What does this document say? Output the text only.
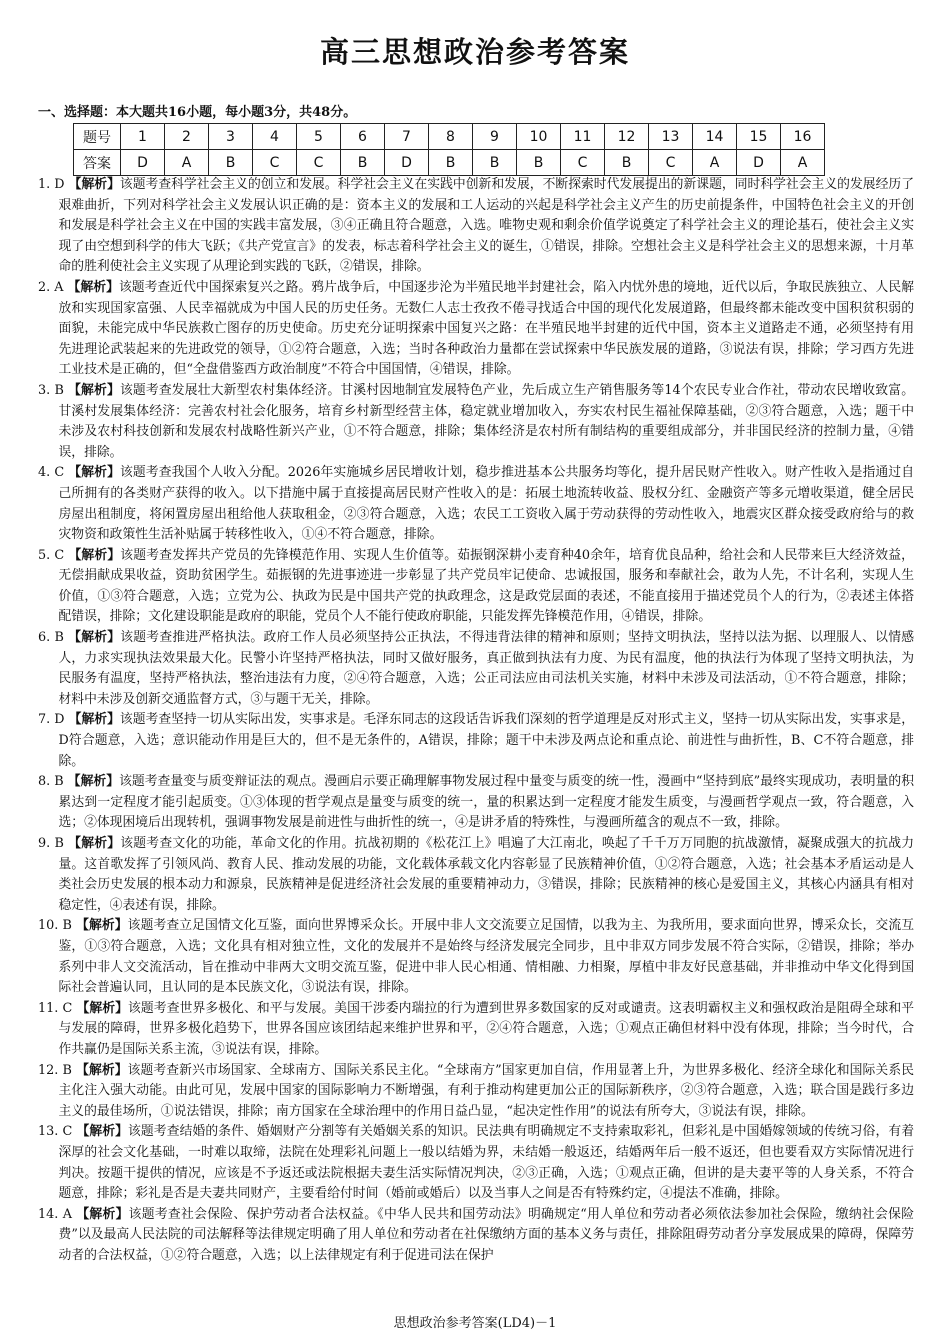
高三思想政治参考答案
一、选择题：本大题共16小题，每小题3分，共48分。
题号	1	2	3	4	5	6	7	8	9	10	11	12	13	14	15	16
答案	D	A	B	C	C	B	D	B	B	B	C	B	C	A	D	A

1. D 【解析】该题考查科学社会主义的创立和发展。科学社会主义在实践中创新和发展，不断探索时代发展提出的新课题，同时科学社会主义的发展经历了艰难曲折，下列对科学社会主义发展认识正确的是：资本主义的发展和工人运动的兴起是科学社会主义产生的历史前提条件，中国特色社会主义的开创和发展是科学社会主义在中国的实践丰富发展，③④正确且符合题意，入选。唯物史观和剩余价值学说奠定了科学社会主义的理论基石，使社会主义实现了由空想到科学的伟大飞跃；《共产党宣言》的发表，标志着科学社会主义的诞生，①错误，排除。空想社会主义是科学社会主义的思想来源，十月革命的胜利使社会主义实现了从理论到实践的飞跃，②错误，排除。

2. A 【解析】该题考查近代中国探索复兴之路。鸦片战争后，中国逐步沦为半殖民地半封建社会，陷入内忧外患的境地，近代以后，争取民族独立、人民解放和实现国家富强、人民幸福就成为中国人民的历史任务。无数仁人志士孜孜不倦寻找适合中国的现代化发展道路，但最终都未能改变中国积贫积弱的面貌，未能完成中华民族救亡图存的历史使命。历史充分证明探索中国复兴之路：在半殖民地半封建的近代中国，资本主义道路走不通，必须坚持有用先进理论武装起来的先进政党的领导，①②符合题意，入选；当时各种政治力量都在尝试探索中华民族发展的道路，③说法有误，排除；学习西方先进工业技术是正确的，但“全盘借鉴西方政治制度”不符合中国国情，④错误，排除。

3. B 【解析】该题考查发展壮大新型农村集体经济。甘溪村因地制宜发展特色产业，先后成立生产销售服务等14个农民专业合作社，带动农民增收致富。甘溪村发展集体经济：完善农村社会化服务，培育乡村新型经营主体，稳定就业增加收入，夯实农村民生福祉保障基础，②③符合题意，入选；题干中未涉及农村科技创新和发展农村战略性新兴产业，①不符合题意，排除；集体经济是农村所有制结构的重要组成部分，并非国民经济的控制力量，④错误，排除。

4. C 【解析】该题考查我国个人收入分配。2026年实施城乡居民增收计划，稳步推进基本公共服务均等化，提升居民财产性收入。财产性收入是指通过自己所拥有的各类财产获得的收入。以下措施中属于直接提高居民财产性收入的是：拓展土地流转收益、股权分红、金融资产等多元增收渠道，健全居民房屋出租制度，将闲置房屋出租给他人获取租金，②③符合题意，入选；农民工工资收入属于劳动获得的劳动性收入，地震灾区群众接受政府给与的救灾物资和政策性生活补贴属于转移性收入，①④不符合题意，排除。

5. C 【解析】该题考查发挥共产党员的先锋模范作用、实现人生价值等。茹振钢深耕小麦育种40余年，培育优良品种，给社会和人民带来巨大经济效益，无偿捐献成果收益，资助贫困学生。茹振钢的先进事迹进一步彰显了共产党员牢记使命、忠诚报国，服务和奉献社会，敢为人先，不计名利，实现人生价值，①③符合题意，入选；立党为公、执政为民是中国共产党的执政理念，这是政党层面的表述，不能直接用于描述党员个人的行为，②表述主体搭配错误，排除；文化建设职能是政府的职能，党员个人不能行使政府职能，只能发挥先锋模范作用，④错误，排除。

6. B 【解析】该题考查推进严格执法。政府工作人员必须坚持公正执法，不得违背法律的精神和原则；坚持文明执法，坚持以法为据、以理服人、以情感人，力求实现执法效果最大化。民警小许坚持严格执法，同时又做好服务，真正做到执法有力度、为民有温度，他的执法行为体现了坚持文明执法，为民服务有温度，坚持严格执法，整治违法有力度，②④符合题意，入选；公正司法应由司法机关实施，材料中未涉及司法活动，①不符合题意，排除；材料中未涉及创新交通监督方式，③与题干无关，排除。

7. D 【解析】该题考查坚持一切从实际出发，实事求是。毛泽东同志的这段话告诉我们深刻的哲学道理是反对形式主义，坚持一切从实际出发，实事求是，D符合题意，入选；意识能动作用是巨大的，但不是无条件的，A错误，排除；题干中未涉及两点论和重点论、前进性与曲折性，B、C不符合题意，排除。

8. B 【解析】该题考查量变与质变辩证法的观点。漫画启示要正确理解事物发展过程中量变与质变的统一性，漫画中“坚持到底”最终实现成功，表明量的积累达到一定程度才能引起质变。①③体现的哲学观点是量变与质变的统一，量的积累达到一定程度才能发生质变，与漫画哲学观点一致，符合题意，入选；②体现困境后出现转机，强调事物发展是前进性与曲折性的统一，④是讲矛盾的特殊性，与漫画所蕴含的观点不一致，排除。

9. B 【解析】该题考查文化的功能，革命文化的作用。抗战初期的《松花江上》唱遍了大江南北，唤起了千千万万同胞的抗战激情，凝聚成强大的抗战力量。这首歌发挥了引领风尚、教育人民、推动发展的功能，文化载体承载文化内容彰显了民族精神价值，①②符合题意，入选；社会基本矛盾运动是人类社会历史发展的根本动力和源泉，民族精神是促进经济社会发展的重要精神动力，③错误，排除；民族精神的核心是爱国主义，其核心内涵具有相对稳定性，④表述有误，排除。

10. B 【解析】该题考查立足国情文化互鉴，面向世界博采众长。开展中非人文交流要立足国情，以我为主、为我所用，要求面向世界，博采众长，交流互鉴，①③符合题意，入选；文化具有相对独立性，文化的发展并不是始终与经济发展完全同步，且中非双方同步发展不符合实际，②错误，排除；举办系列中非人文交流活动，旨在推动中非两大文明交流互鉴，促进中非人民心相通、情相融、力相聚，厚植中非友好民意基础，并非推动中华文化得到国际社会普遍认同，且认同的是本民族文化，③说法有误，排除。

11. C 【解析】该题考查世界多极化、和平与发展。美国干涉委内瑞拉的行为遭到世界多数国家的反对或谴责。这表明霸权主义和强权政治是阻碍全球和平与发展的障碍，世界多极化趋势下，世界各国应该团结起来维护世界和平，②④符合题意，入选；①观点正确但材料中没有体现，排除；当今时代，合作共赢仍是国际关系主流，③说法有误，排除。

12. B 【解析】该题考查新兴市场国家、全球南方、国际关系民主化。“全球南方”国家更加自信，作用显著上升，为世界多极化、经济全球化和国际关系民主化注入强大动能。由此可见，发展中国家的国际影响力不断增强，有利于推动构建更加公正的国际新秩序，②③符合题意，入选；联合国是践行多边主义的最佳场所，①说法错误，排除；南方国家在全球治理中的作用日益凸显，“起决定性作用”的说法有所夸大，③说法有误，排除。

13. C 【解析】该题考查结婚的条件、婚姻财产分割等有关婚姻关系的知识。民法典有明确规定不支持索取彩礼，但彩礼是中国婚嫁领域的传统习俗，有着深厚的社会文化基础，一时难以取缔，法院在处理彩礼问题上一般以结婚为界，未结婚一般返还，结婚两年后一般不返还，但也要看双方实际情况进行判决。按题干提供的情况，应该是不予返还或法院根据夫妻生活实际情况判决，②③正确，入选；①观点正确，但讲的是夫妻平等的人身关系，不符合题意，排除；彩礼是否是夫妻共同财产，主要看给付时间（婚前或婚后）以及当事人之间是否有特殊约定，④提法不准确，排除。

14. A 【解析】该题考查社会保险、保护劳动者合法权益。《中华人民共和国劳动法》明确规定“用人单位和劳动者必须依法参加社会保险，缴纳社会保险费”以及最高人民法院的司法解释等法律规定明确了用人单位和劳动者在社保缴纳方面的基本义务与责任，排除阻碍劳动者分享发展成果的障碍，保障劳动者的合法权益，①②符合题意，入选；以上法律规定有利于促进司法在保护

思想政治参考答案(LD4)－1
